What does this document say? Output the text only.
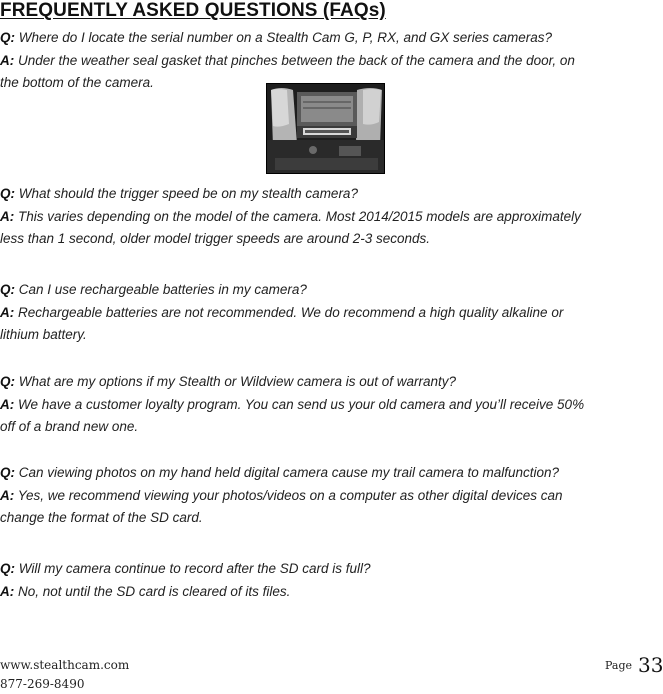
FREQUENTLY ASKED QUESTIONS (FAQs)

Q: Where do I locate the serial number on a Stealth Cam G, P, RX, and GX series cameras?

A: Under the weather seal gasket that pinches between the back of the camera and the door, on

the bottom of the camera.

Q: What should the trigger speed be on my stealth camera?

A: This varies depending on the model of the camera. Most 2014/2015 models are approximately

less than 1 second, older model trigger speeds are around 2-3 seconds.

Q: Can I use rechargeable batteries in my camera?

A: Rechargeable batteries are not recommended. We do recommend a high quality alkaline or

lithium battery.

Q: What are my options if my Stealth or Wildview camera is out of warranty?

A: We have a customer loyalty program. You can send us your old camera and you’ll receive 50%

off of a brand new one.

Q: Can viewing photos on my hand held digital camera cause my trail camera to malfunction?

A: Yes, we recommend viewing your photos/videos on a computer as other digital devices can

change the format of the SD card.

Q: Will my camera continue to record after the SD card is full?

A: No, not until the SD card is cleared of its files.

www.stealthcam.com
877-269-8490
Page 33
